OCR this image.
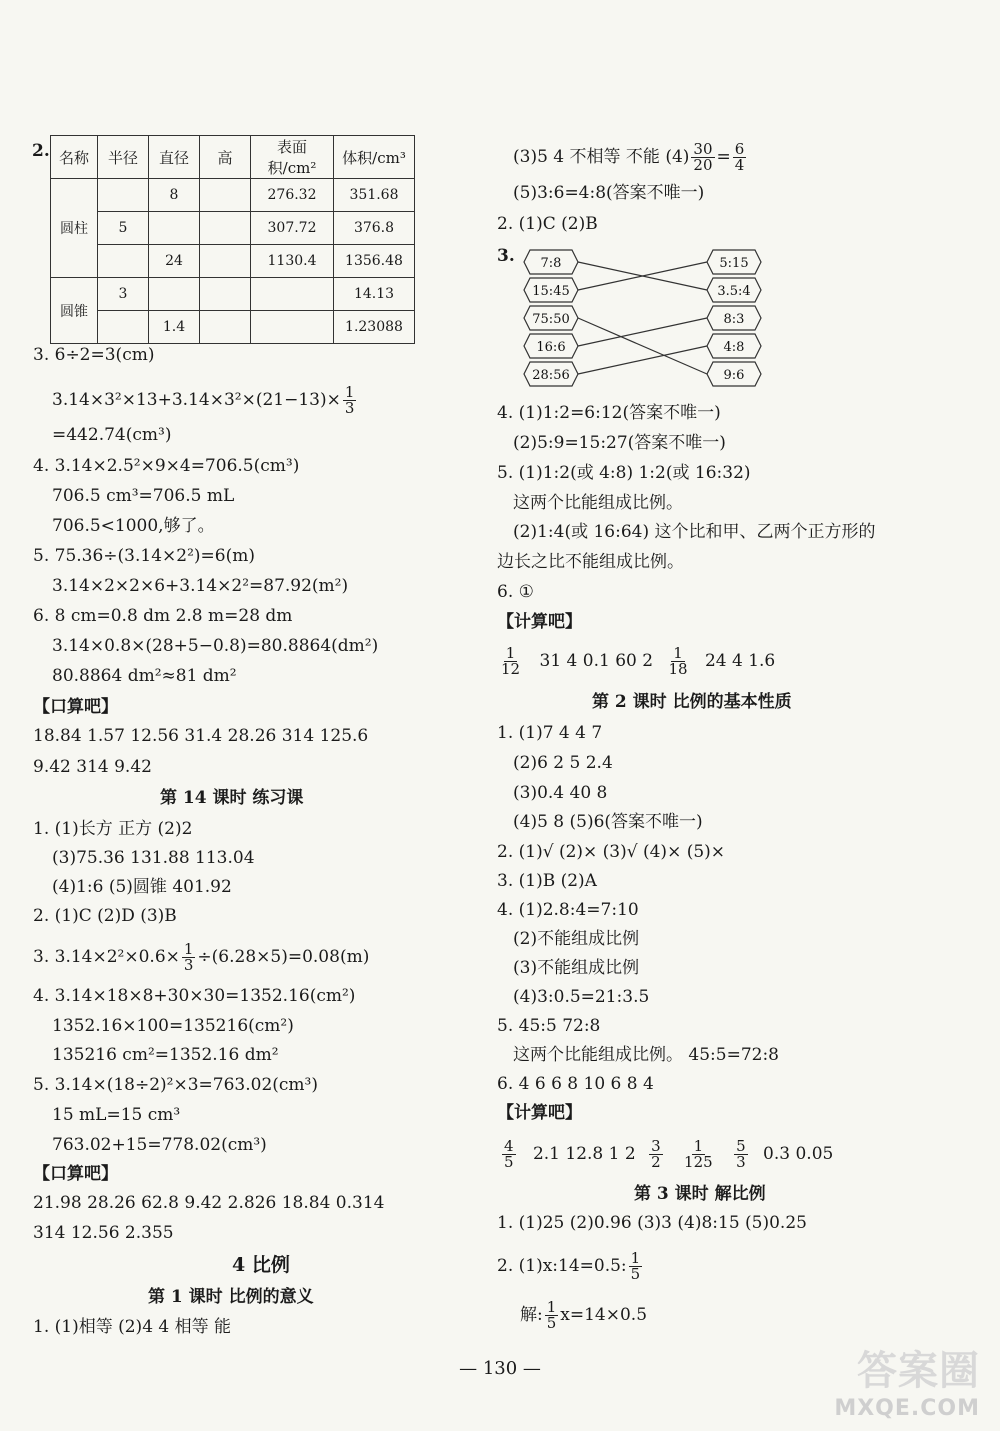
2. 名称	半径	直径	高	表面积/cm²	体积/cm³
圆柱		8		276.32	351.68
	5			307.72	376.8
		24		1130.4	1356.48
圆锥	3				14.13
		1.4			1.23088
3. 6÷2=3(cm)
$3.14\times 3^2\times 13+3.14\times 3^2\times(21-13)\times \frac{1}{3}$
=442.74(cm³)
4. 3.14×2.5²×9×4=706.5(cm³)
706.5 cm³=706.5 mL
706.5<1000,够了。
5. 75.36÷(3.14×2²)=6(m)
3.14×2×2×6+3.14×2²=87.92(m²)
6. 8 cm=0.8 dm 2.8 m=28 dm
3.14×0.8×(28+5−0.8)=80.8864(dm²)
80.8864 dm²≈81 dm²
【口算吧】
18.84 1.57 12.56 31.4 28.26 314 125.6
9.42 314 9.42
第 14 课时 练习课
1. (1)长方 正方 (2)2
(3)75.36 131.88 113.04
(4)1:6 (5)圆锥 401.92
2. (1)C (2)D (3)B
3. $3.14\times 2^2\times 0.6\times \frac{1}{3} \div(6.28\times 5)=0.08(m)$
4. 3.14×18×8+30×30=1352.16(cm²)
1352.16×100=135216(cm²)
135216 cm²=1352.16 dm²
5. 3.14×(18÷2)²×3=763.02(cm³)
15 mL=15 cm³
763.02+15=778.02(cm³)
【口算吧】
21.98 28.26 62.8 9.42 2.826 18.84 0.314
314 12.56 2.355
4 比例
第 1 课时 比例的意义
1. (1)相等 (2)4 4 相等 能
(3)5 4 不相等 不能 $(4) \frac{30}{20} = \frac{6}{4}$
(5)3:6=4:8(答案不唯一)
2. (1)C (2)B
3. 7:8
15:45
75:50
16:6
28:56
5:15
3.5:4
8:3
4:8
9:6
4. (1)1:2=6:12(答案不唯一)
(2)5:9=15:27(答案不唯一)
5. (1)1:2(或 4:8) 1:2(或 16:32)
这两个比能组成比例。
(2)1:4(或 16:64) 这个比和甲、乙两个正方形的
边长之比不能组成比例。
6. ①
【计算吧】
$\frac{1}{12} 31$ 4 0.1 60 $2 \frac{1}{18} 24$ 4 1.6
第 2 课时 比例的基本性质
1. (1)7 4 4 7
(2)6 2 5 2.4
(3)0.4 40 8
(4)5 8 (5)6(答案不唯一)
2. (1)√ (2)× (3)√ (4)× (5)×
3. (1)B (2)A
4. (1)2.8:4=7:10
(2)不能组成比例
(3)不能组成比例
(4)3:0.5=21:3.5
5. 45:5 72:8
这两个比能组成比例。 45:5=72:8
6. 4 6 6 8 10 6 8 4
【计算吧】
$\frac{4}{5} 2.1$ 12.8 1 $2 \frac{3}{2}$
$\frac{1}{125}$
$\frac{5}{3} 0.3$ 0.05
第 3 课时 解比例
1. (1)25 (2)0.96 (3)3 (4)8:15 (5)0.25
2. (1)x:14=0.5: $\frac{1}{5}$
解: $\frac{1}{5} x=14\times 0.5$
— 130 —	答案圈
MXQE.COM
